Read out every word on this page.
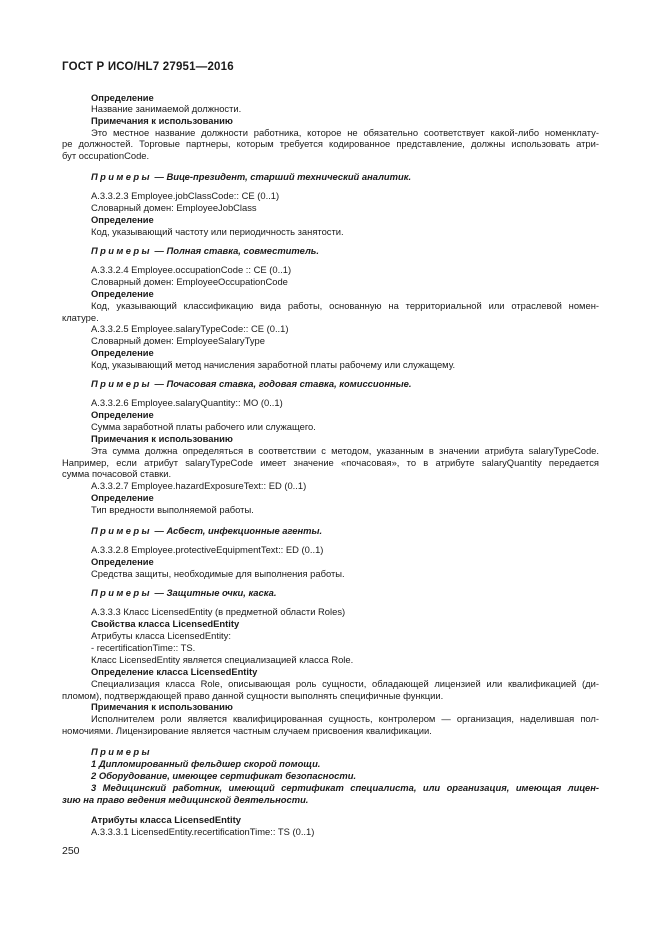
ГОСТ Р ИСО/HL7 27951—2016
Определение
Название занимаемой должности.
Примечания к использованию
Это местное название должности работника, которое не обязательно соответствует какой-либо номенклату-
ре должностей. Торговые партнеры, которым требуется кодированное представление, должны использовать атри-
бут occupationCode.
Примеры — Вице-президент, старший технический аналитик.
A.3.3.2.3 Employee.jobClassCode:: CE (0..1)
Словарный домен: EmployeeJobClass
Определение
Код, указывающий частоту или периодичность занятости.
Примеры — Полная ставка, совместитель.
A.3.3.2.4 Employee.occupationCode :: CE (0..1)
Словарный домен: EmployeeOccupationCode
Определение
Код, указывающий классификацию вида работы, основанную на территориальной или отраслевой номен-
клатуре.
A.3.3.2.5 Employee.salaryTypeCode:: CE (0..1)
Словарный домен: EmployeeSalaryType
Определение
Код, указывающий метод начисления заработной платы рабочему или служащему.
Примеры — Почасовая ставка, годовая ставка, комиссионные.
A.3.3.2.6 Employee.salaryQuantity:: MO (0..1)
Определение
Сумма заработной платы рабочего или служащего.
Примечания к использованию
Эта сумма должна определяться в соответствии с методом, указанным в значении атрибута salaryTypeCode.
Например, если атрибут salaryTypeCode имеет значение «почасовая», то в атрибуте salaryQuantity передается
сумма почасовой ставки.
A.3.3.2.7 Employee.hazardExposureText:: ED (0..1)
Определение
Тип вредности выполняемой работы.
Примеры — Асбест, инфекционные агенты.
A.3.3.2.8 Employee.protectiveEquipmentText:: ED (0..1)
Определение
Средства защиты, необходимые для выполнения работы.
Примеры — Защитные очки, каска.
A.3.3.3 Класс LicensedEntity (в предметной области Roles)
Свойства класса LicensedEntity
Атрибуты класса LicensedEntity:
- recertificationTime:: TS.
Класс LicensedEntity является специализацией класса Role.
Определение класса LicensedEntity
Специализация класса Role, описывающая роль сущности, обладающей лицензией или квалификацией (ди-
пломом), подтверждающей право данной сущности выполнять специфичные функции.
Примечания к использованию
Исполнителем роли является квалифицированная сущность, контролером — организация, наделившая пол-
номочиями. Лицензирование является частным случаем присвоения квалификации.
Примеры
1 Дипломированный фельдшер скорой помощи.
2 Оборудование, имеющее сертификат безопасности.
3 Медицинский работник, имеющий сертификат специалиста, или организация, имеющая лицен-
зию на право ведения медицинской деятельности.
Атрибуты класса LicensedEntity
A.3.3.3.1 LicensedEntity.recertificationTime:: TS (0..1)
250
